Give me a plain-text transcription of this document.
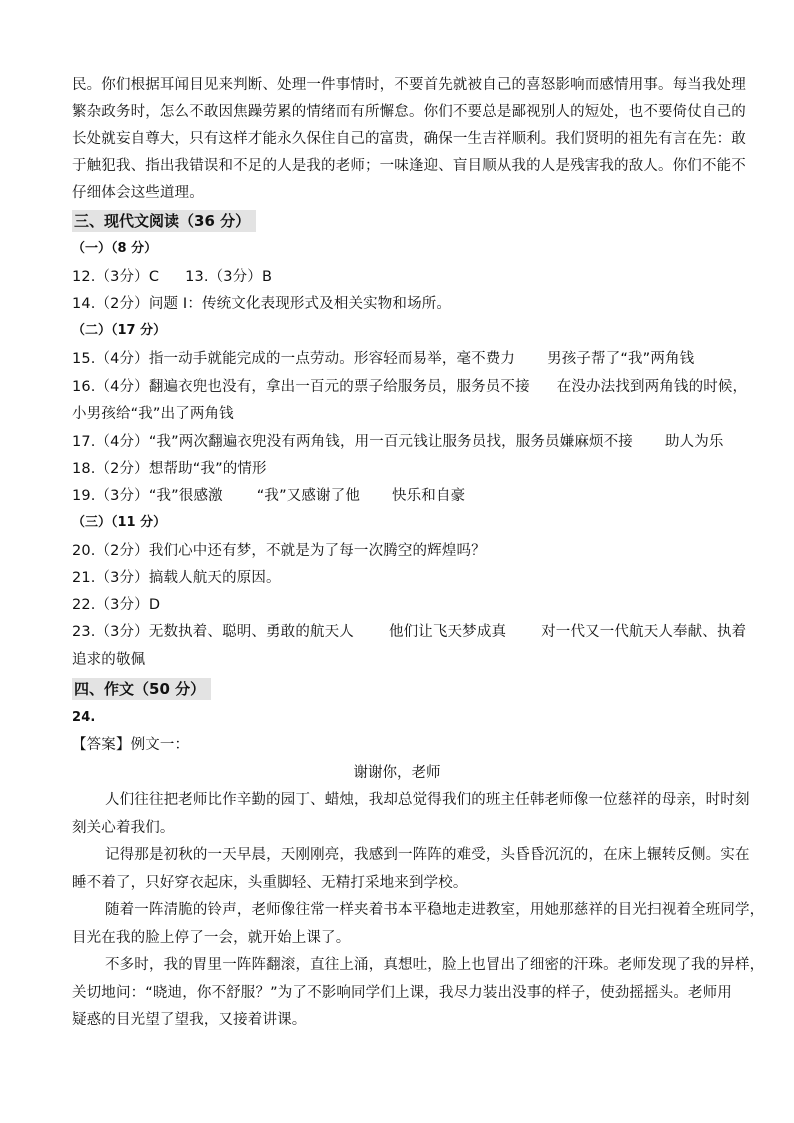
民。你们根据耳闻目见来判断、处理一件事情时，不要首先就被自己的喜怒影响而感情用事。每当我处理
繁杂政务时，怎么不敢因焦躁劳累的情绪而有所懈怠。你们不要总是鄙视别人的短处，也不要倚仗自己的
长处就妄自尊大，只有这样才能永久保住自己的富贵，确保一生吉祥顺利。我们贤明的祖先有言在先：敢
于触犯我、指出我错误和不足的人是我的老师；一味逢迎、盲目顺从我的人是残害我的敌人。你们不能不
仔细体会这些道理。
三、现代文阅读（36 分）
（一）（8 分）
12.（3分）C 13.（3分）B
14.（2分）问题 I：传统文化表现形式及相关实物和场所。
（二）（17 分）
15.（4分）指一动手就能完成的一点劳动。形容轻而易举，毫不费力 男孩子帮了“我”两角钱
16.（4分）翻遍衣兜也没有，拿出一百元的票子给服务员，服务员不接 在没办法找到两角钱的时候，
小男孩给“我”出了两角钱
17.（4分）“我”两次翻遍衣兜没有两角钱，用一百元钱让服务员找，服务员嫌麻烦不接 助人为乐
18.（2分）想帮助“我”的情形
19.（3分）“我”很感激 “我”又感谢了他 快乐和自豪
（三）（11 分）
20.（2分）我们心中还有梦，不就是为了每一次腾空的辉煌吗？
21.（3分）搞载人航天的原因。
22.（3分）D
23.（3分）无数执着、聪明、勇敢的航天人 他们让飞天梦成真 对一代又一代航天人奉献、执着
追求的敬佩
四、作文（50 分）
24.
【答案】例文一：
谢谢你，老师
人们往往把老师比作辛勤的园丁、蜡烛，我却总觉得我们的班主任韩老师像一位慈祥的母亲，时时刻
刻关心着我们。
记得那是初秋的一天早晨，天刚刚亮，我感到一阵阵的难受，头昏昏沉沉的，在床上辗转反侧。实在
睡不着了，只好穿衣起床，头重脚轻、无精打采地来到学校。
随着一阵清脆的铃声，老师像往常一样夹着书本平稳地走进教室，用她那慈祥的目光扫视着全班同学，
目光在我的脸上停了一会，就开始上课了。
不多时，我的胃里一阵阵翻滚，直往上涌，真想吐，脸上也冒出了细密的汗珠。老师发现了我的异样，
关切地问：“晓迪，你不舒服？”为了不影响同学们上课，我尽力装出没事的样子，使劲摇摇头。老师用
疑惑的目光望了望我，又接着讲课。
